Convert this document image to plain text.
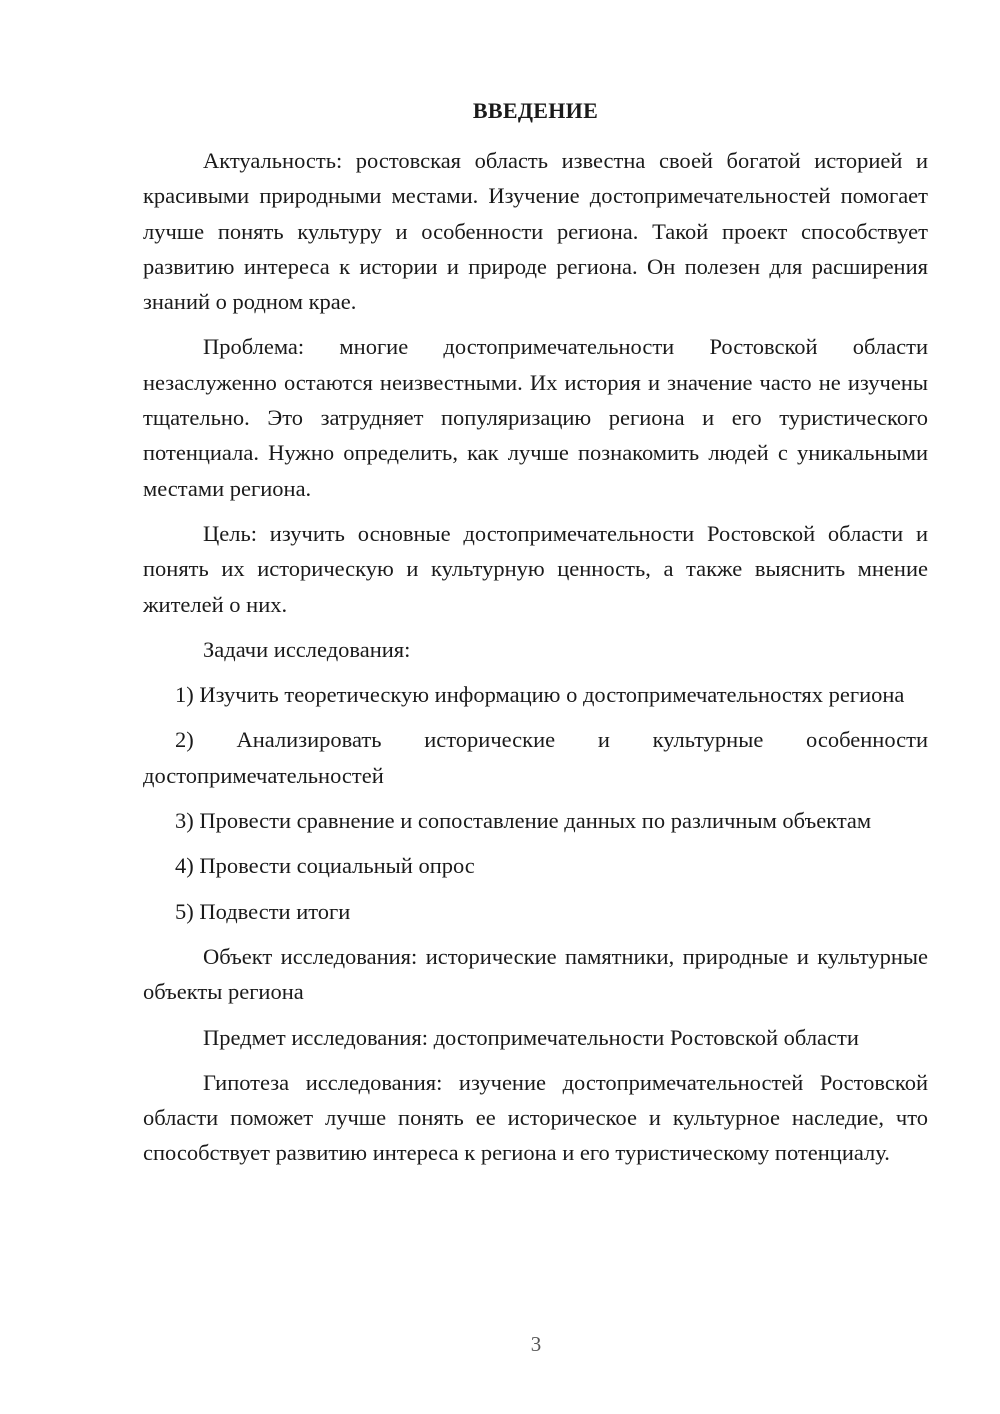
ВВЕДЕНИЕ

Актуальность: ростовская область известна своей богатой историей и красивыми природными местами. Изучение достопримечательностей помогает лучше понять культуру и особенности региона. Такой проект способствует развитию интереса к истории и природе региона. Он полезен для расширения знаний о родном крае.

Проблема: многие достопримечательности Ростовской области незаслуженно остаются неизвестными. Их история и значение часто не изучены тщательно. Это затрудняет популяризацию региона и его туристического потенциала. Нужно определить, как лучше познакомить людей с уникальными местами региона.

Цель: изучить основные достопримечательности Ростовской области и понять их историческую и культурную ценность, а также выяснить мнение жителей о них.

Задачи исследования:

1) Изучить теоретическую информацию о достопримечательностях региона

2) Анализировать исторические и культурные особенности достопримечательностей

3) Провести сравнение и сопоставление данных по различным объектам

4) Провести социальный опрос

5) Подвести итоги

Объект исследования: исторические памятники, природные и культурные объекты региона

Предмет исследования: достопримечательности Ростовской области

Гипотеза исследования: изучение достопримечательностей Ростовской области поможет лучше понять ее историческое и культурное наследие, что способствует развитию интереса к региона и его туристическому потенциалу.

3
